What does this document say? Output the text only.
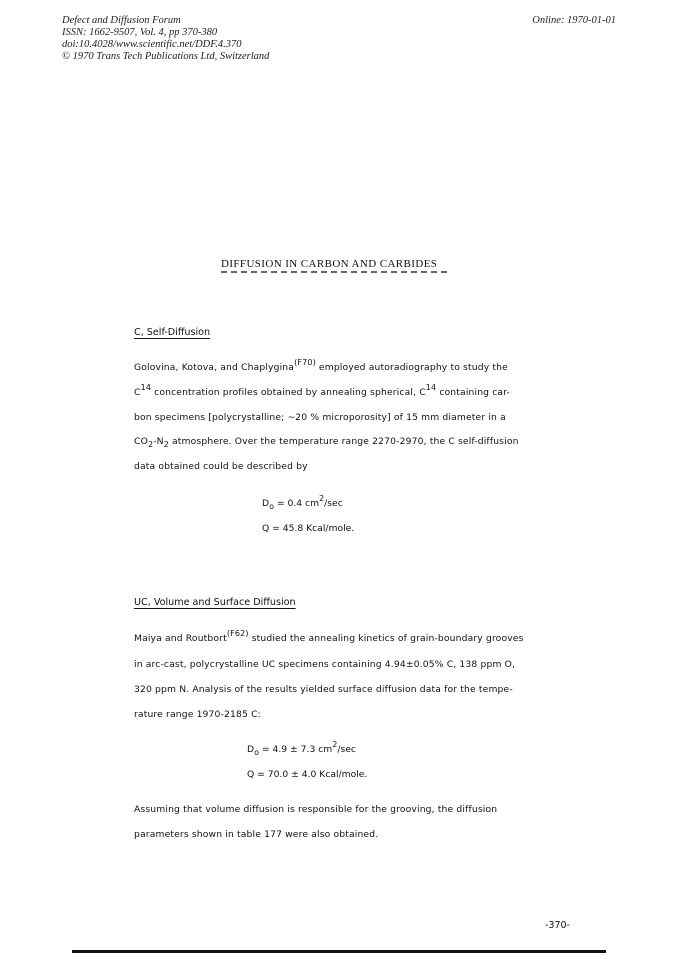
Defect and Diffusion Forum
ISSN: 1662-9507, Vol. 4, pp 370-380
doi:10.4028/www.scientific.net/DDF.4.370
© 1970 Trans Tech Publications Ltd, Switzerland
Online: 1970-01-01
DIFFUSION IN CARBON AND CARBIDES
C, Self-Diffusion
Golovina, Kotova, and Chaplygina$^{(F70)}$ employed autoradiography to study the
$C^{14}$ concentration profiles obtained by annealing spherical, $C^{14}$ containing car-
bon specimens [polycrystalline; ~20 % microporosity] of 15 mm diameter in a
$CO_2-N_2$ atmosphere. Over the temperature range 2270-2970, the C self-diffusion
data obtained could be described by
$D_o = 0.4$ $cm^2/\sec$
Q = 45.8 Kcal/mole.
UC, Volume and Surface Diffusion
Maiya and Routbort$^{(F62)}$ studied the annealing kinetics of grain-boundary grooves
in arc-cast, polycrystalline UC specimens containing 4.94±0.05% C, 138 ppm O,
320 ppm N. Analysis of the results yielded surface diffusion data for the tempe-
rature range 1970-2185 C:
$D_o = 4.9 \pm 7.3$ $cm^2/\sec$
Q = 70.0 ± 4.0 Kcal/mole.
Assuming that volume diffusion is responsible for the grooving, the diffusion
parameters shown in table 177 were also obtained.
-370-
